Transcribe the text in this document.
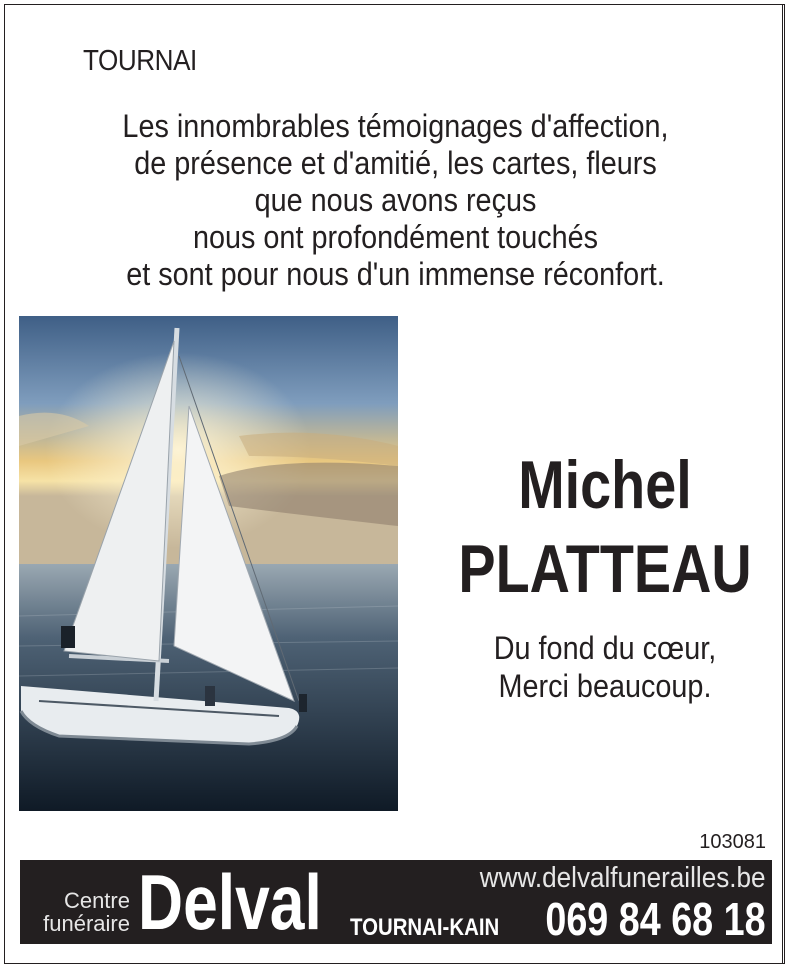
TOURNAI
Les innombrables témoignages d'affection,
de présence et d'amitié, les cartes, fleurs
que nous avons reçus
nous ont profondément touchés
et sont pour nous d'un immense réconfort.
Michel
PLATTEAU
Du fond du cœur,
Merci beaucoup.
103081
Centre
funéraire Delval	www.delvalfunerailles.be
TOURNAI-KAIN 069 84 68 18
